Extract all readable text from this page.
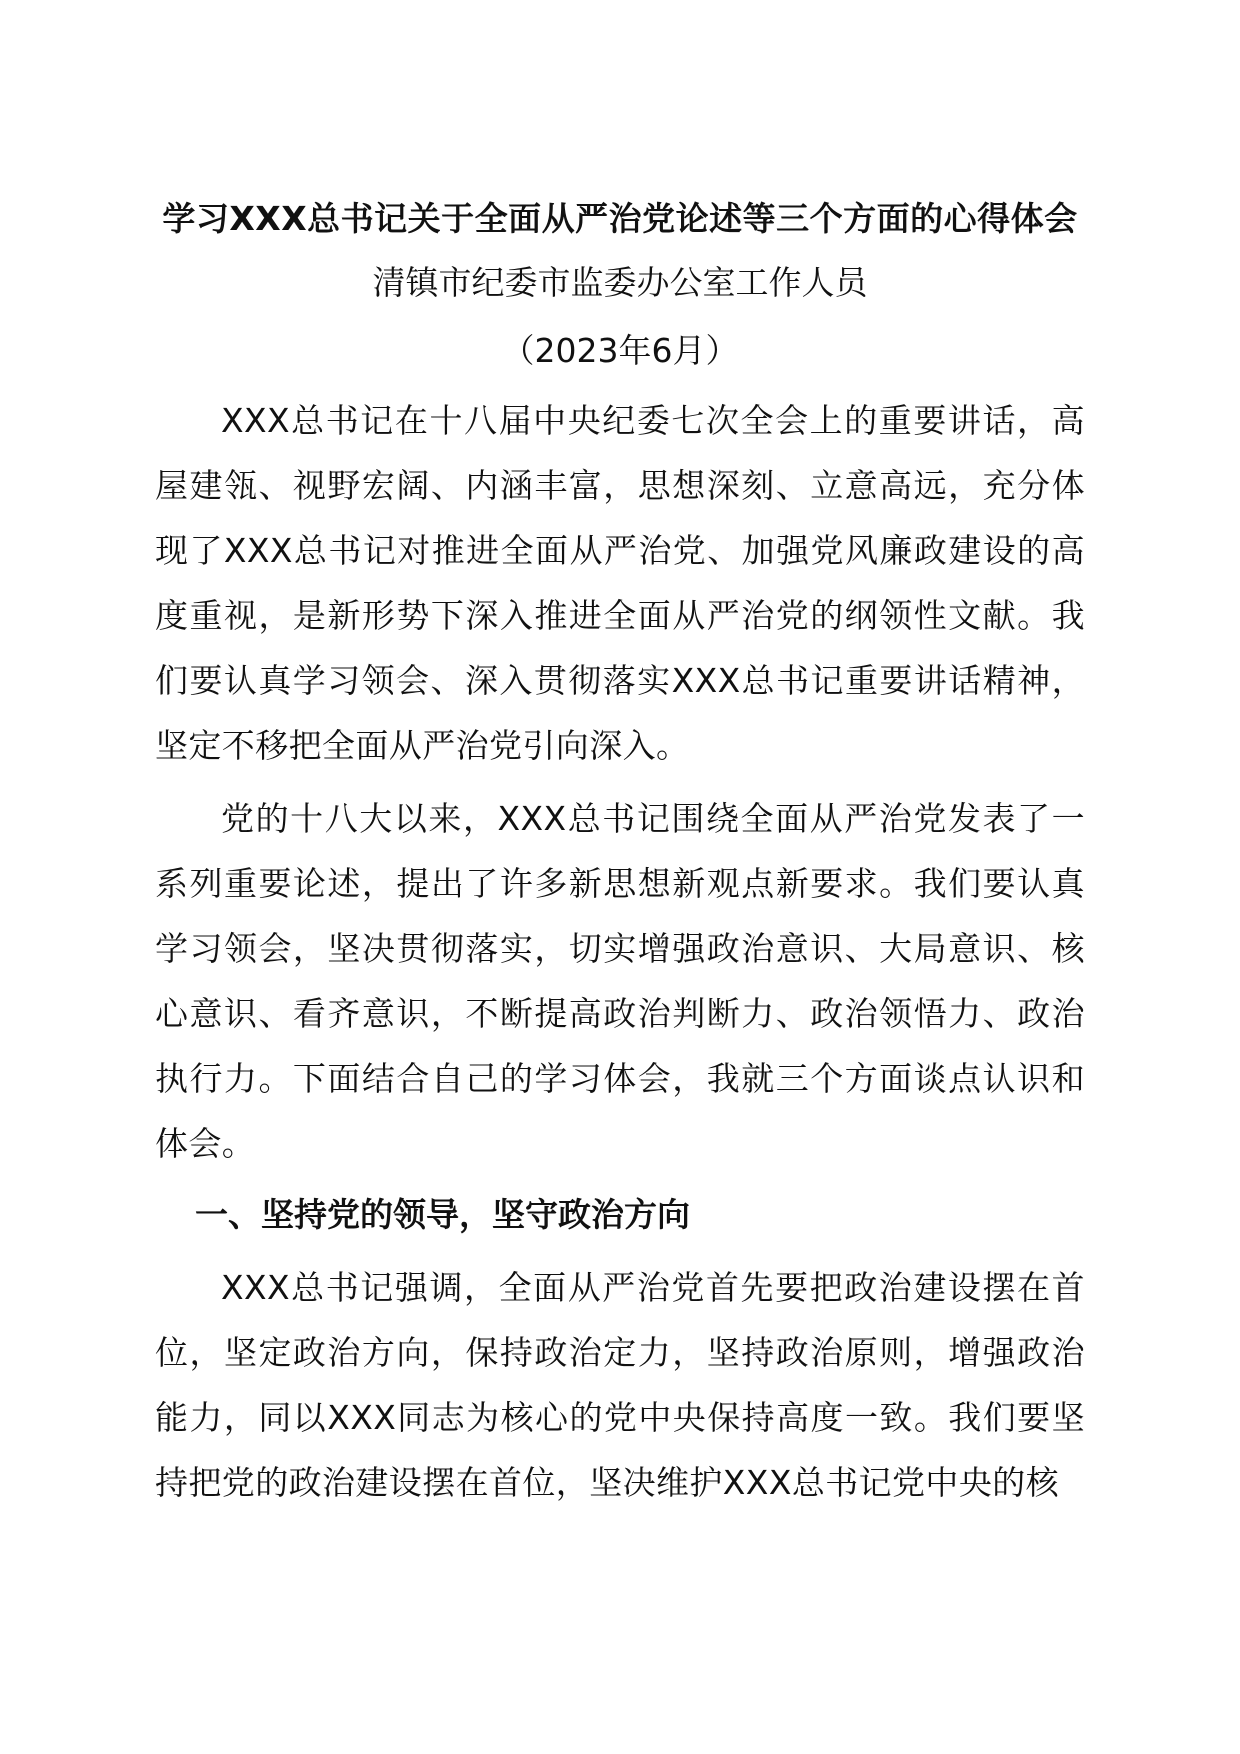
学习XXX总书记关于全面从严治党论述等三个方面的心得体会
清镇市纪委市监委办公室工作人员
（2023年6月）

XXX总书记在十八届中央纪委七次全会上的重要讲话，高屋建瓴、视野宏阔、内涵丰富，思想深刻、立意高远，充分体现了XXX总书记对推进全面从严治党、加强党风廉政建设的高度重视，是新形势下深入推进全面从严治党的纲领性文献。我们要认真学习领会、深入贯彻落实XXX总书记重要讲话精神，坚定不移把全面从严治党引向深入。

党的十八大以来，XXX总书记围绕全面从严治党发表了一系列重要论述，提出了许多新思想新观点新要求。我们要认真学习领会，坚决贯彻落实，切实增强政治意识、大局意识、核心意识、看齐意识，不断提高政治判断力、政治领悟力、政治执行力。下面结合自己的学习体会，我就三个方面谈点认识和体会。

一、坚持党的领导，坚守政治方向

XXX总书记强调，全面从严治党首先要把政治建设摆在首位，坚定政治方向，保持政治定力，坚持政治原则，增强政治能力，同以XXX同志为核心的党中央保持高度一致。我们要坚持把党的政治建设摆在首位，坚决维护XXX总书记党中央的核
